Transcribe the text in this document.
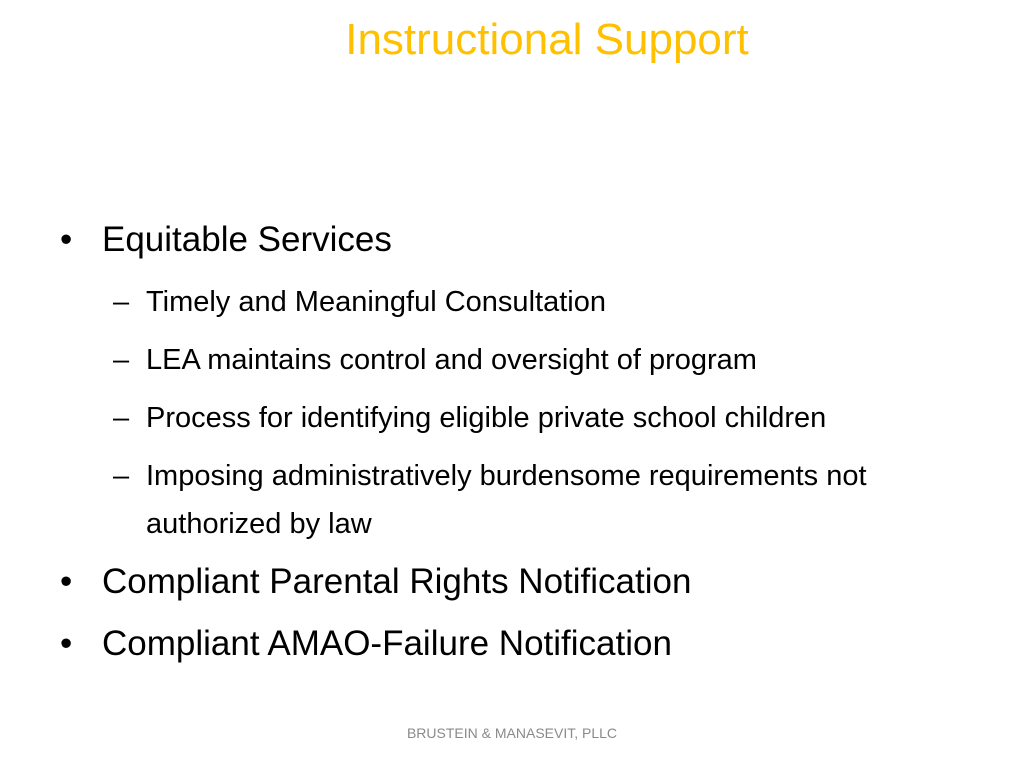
Instructional Support
• Equitable Services
– Timely and Meaningful Consultation
– LEA maintains control and oversight of program
– Process for identifying eligible private school children
– Imposing administratively burdensome requirements not authorized by law
• Compliant Parental Rights Notification
• Compliant AMAO-Failure Notification
BRUSTEIN & MANASEVIT, PLLC
